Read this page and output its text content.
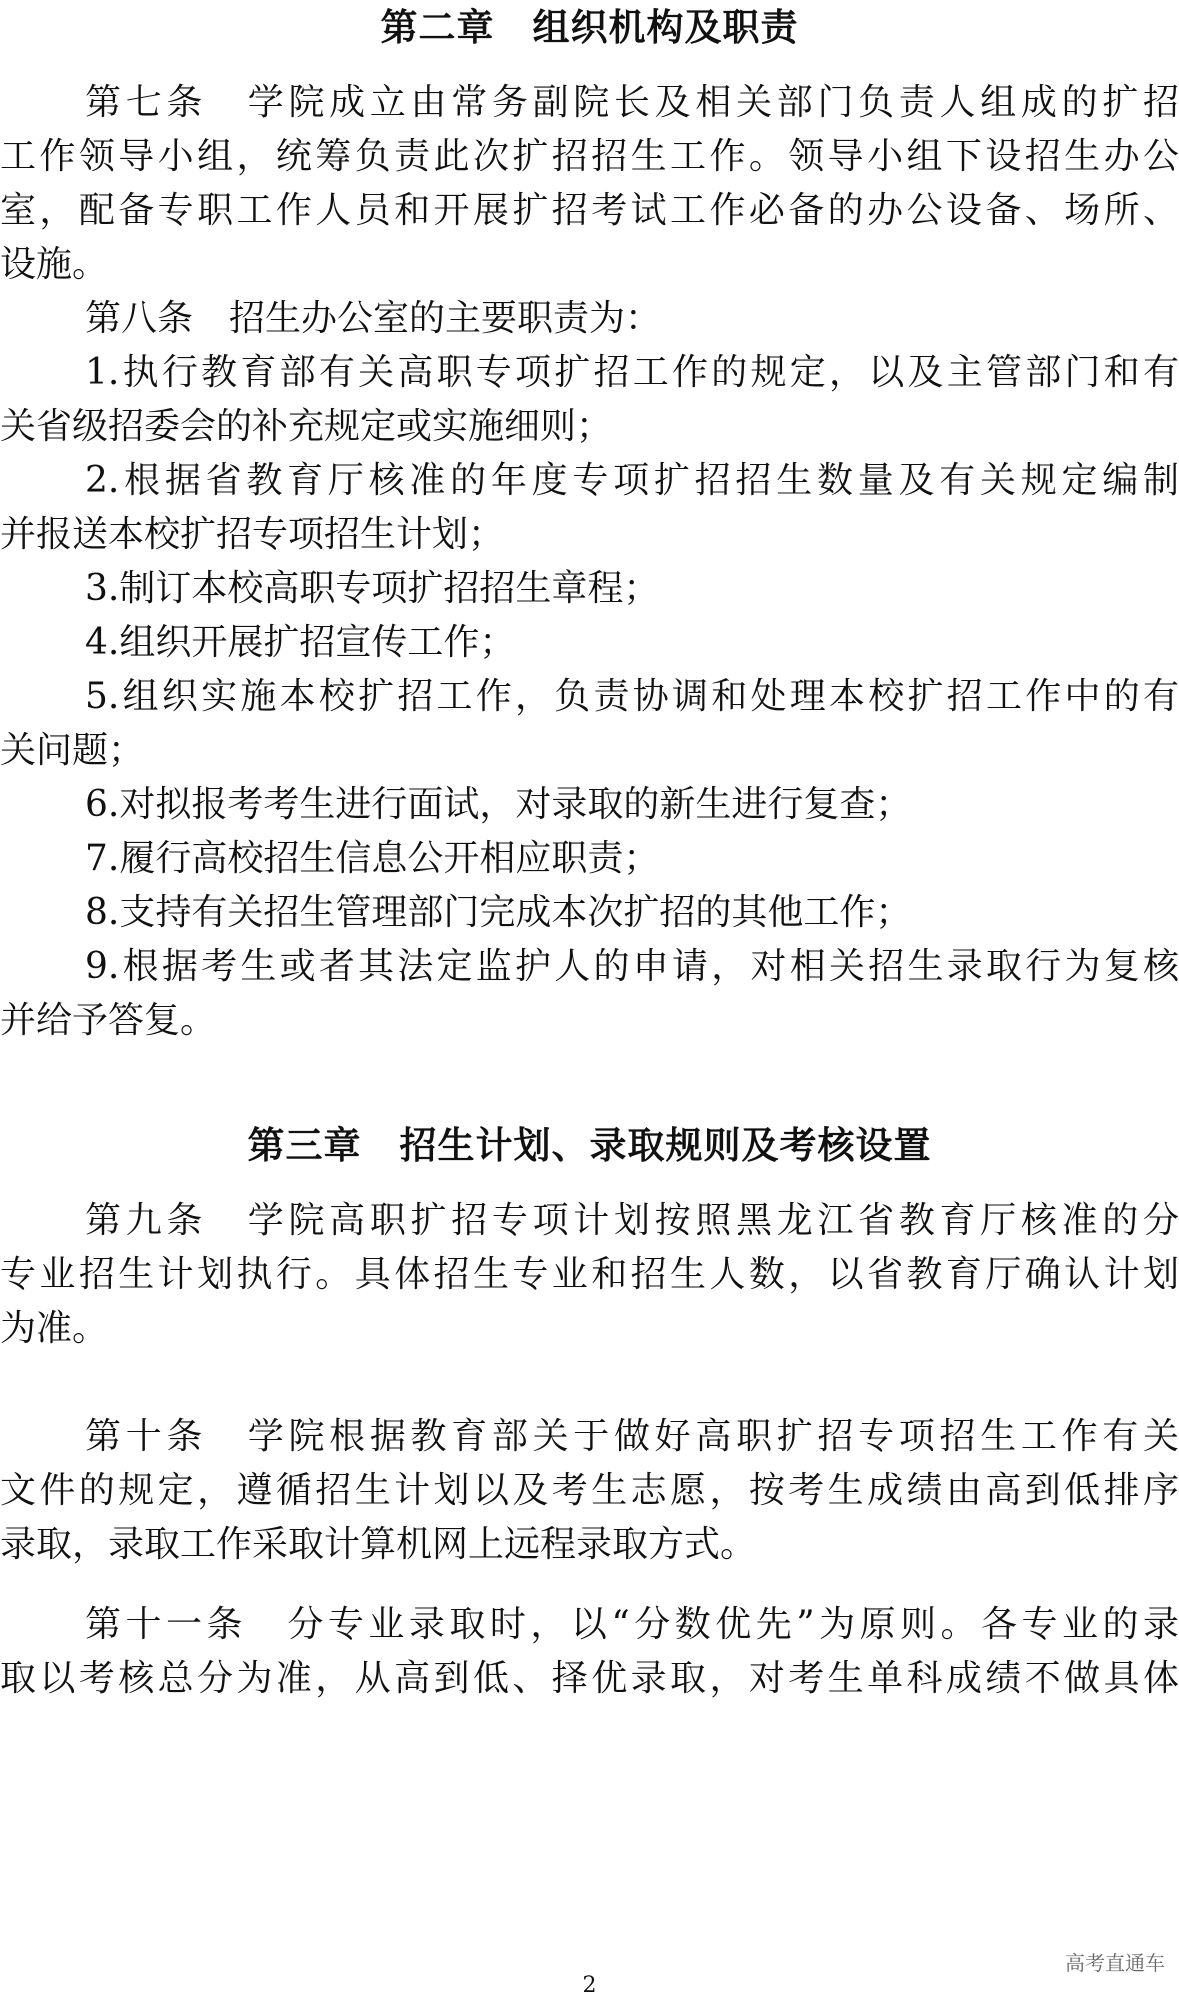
第二章　组织机构及职责
第七条　学院成立由常务副院长及相关部门负责人组成的扩招
工作领导小组，统筹负责此次扩招招生工作。领导小组下设招生办公
室，配备专职工作人员和开展扩招考试工作必备的办公设备、场所、
设施。
第八条　招生办公室的主要职责为：
1.执行教育部有关高职专项扩招工作的规定，以及主管部门和有
关省级招委会的补充规定或实施细则；
2.根据省教育厅核准的年度专项扩招招生数量及有关规定编制
并报送本校扩招专项招生计划；
3.制订本校高职专项扩招招生章程；
4.组织开展扩招宣传工作；
5.组织实施本校扩招工作，负责协调和处理本校扩招工作中的有
关问题；
6.对拟报考考生进行面试，对录取的新生进行复查；
7.履行高校招生信息公开相应职责；
8.支持有关招生管理部门完成本次扩招的其他工作；
9.根据考生或者其法定监护人的申请，对相关招生录取行为复核
并给予答复。
第三章　招生计划、录取规则及考核设置
第九条　学院高职扩招专项计划按照黑龙江省教育厅核准的分
专业招生计划执行。具体招生专业和招生人数，以省教育厅确认计划
为准。
第十条　学院根据教育部关于做好高职扩招专项招生工作有关
文件的规定，遵循招生计划以及考生志愿，按考生成绩由高到低排序
录取，录取工作采取计算机网上远程录取方式。
第十一条　分专业录取时，以“分数优先”为原则。各专业的录
取以考核总分为准，从高到低、择优录取，对考生单科成绩不做具体
高考直通车
2
